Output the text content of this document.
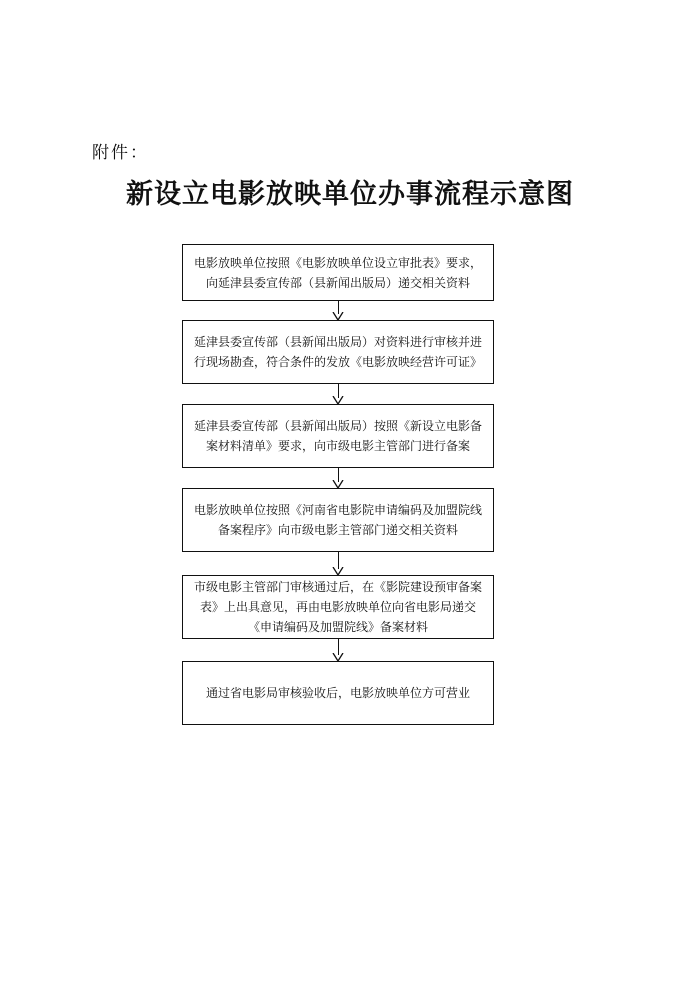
附件：
新设立电影放映单位办事流程示意图
电影放映单位按照《电影放映单位设立审批表》要求，向延津县委宣传部（县新闻出版局）递交相关资料
延津县委宣传部（县新闻出版局）对资料进行审核并进行现场勘查，符合条件的发放《电影放映经营许可证》
延津县委宣传部（县新闻出版局）按照《新设立电影备案材料清单》要求，向市级电影主管部门进行备案
电影放映单位按照《河南省电影院申请编码及加盟院线备案程序》向市级电影主管部门递交相关资料
市级电影主管部门审核通过后，在《影院建设预审备案表》上出具意见，再由电影放映单位向省电影局递交《申请编码及加盟院线》备案材料
通过省电影局审核验收后，电影放映单位方可营业
